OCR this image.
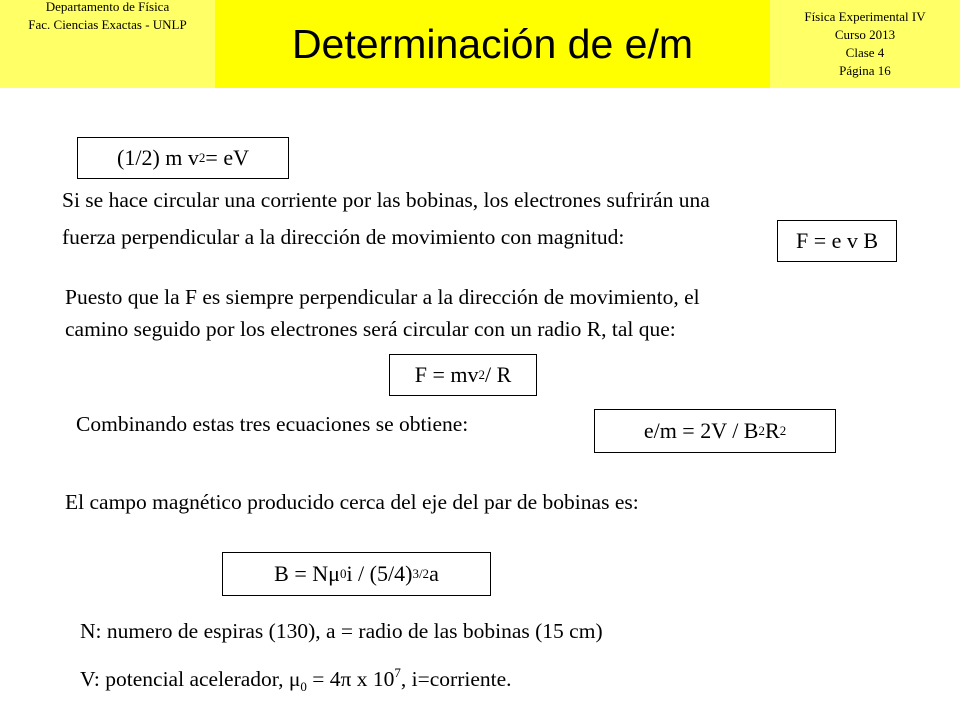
Departamento de Física
Fac. Ciencias Exactas - UNLP	Determinación de e/m
Física Experimental IV
Curso 2013
Clase 4
Página 16
(1/2) m v 2 = eV
Si se hace circular una corriente por las bobinas, los electrones sufrirán una
fuerza perpendicular a la dirección de movimiento con magnitud:	F = e v B
Puesto que la F es siempre perpendicular a la dirección de movimiento, el
camino seguido por los electrones será circular con un radio R, tal que:
F = mv 2 / R
Combinando estas tres ecuaciones se obtiene:	e/m = 2V / B 2 R 2
El campo magnético producido cerca del eje del par de bobinas es:
B = N μ 0 i / (5/4) 3/2 a
N: numero de espiras (130), a = radio de las bobinas (15 cm)
V: potencial acelerador, $\mu_0 = 4\pi$ x $10^7$, i=corriente.
